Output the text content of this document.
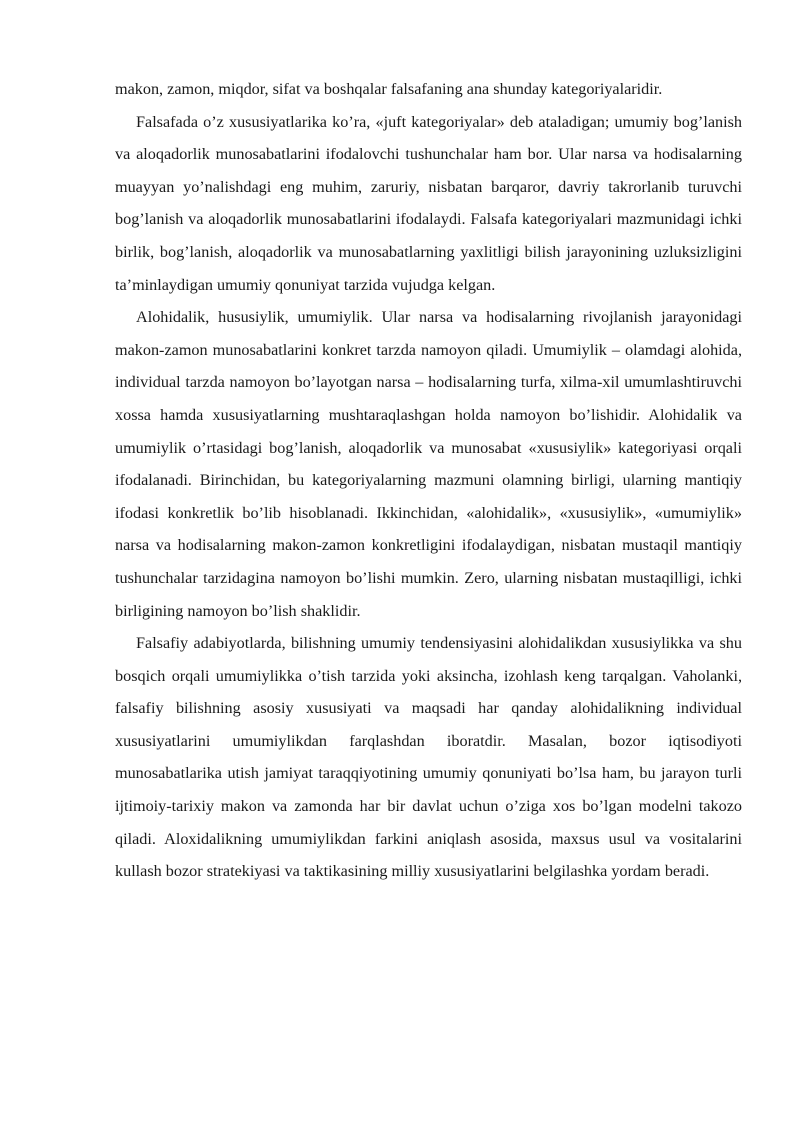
makon, zamon, miqdor, sifat va boshqalar falsafaning ana shunday kategoriyalaridir.

Falsafada o’z xususiyatlarika ko’ra, «juft kategoriyalar» deb ataladigan; umumiy bog’lanish va aloqadorlik munosabatlarini ifodalovchi tushunchalar ham bor. Ular narsa va hodisalarning muayyan yo’nalishdagi eng muhim, zaruriy, nisbatan barqaror, davriy takrorlanib turuvchi bog’lanish va aloqadorlik munosabatlarini ifodalaydi. Falsafa kategoriyalari mazmunidagi ichki birlik, bog’lanish, aloqadorlik va munosabatlarning yaxlitligi bilish jarayonining uzluksizligini ta’minlaydigan umumiy qonuniyat tarzida vujudga kelgan.

Alohidalik, hususiylik, umumiylik. Ular narsa va hodisalarning rivojlanish jarayonidagi makon-zamon munosabatlarini konkret tarzda namoyon qiladi. Umumiylik – olamdagi alohida, individual tarzda namoyon bo’layotgan narsa – hodisalarning turfa, xilma-xil umumlashtiruvchi xossa hamda xususiyatlarning mushtaraqlashgan holda namoyon bo’lishidir. Alohidalik va umumiylik o’rtasidagi bog’lanish, aloqadorlik va munosabat «xususiylik» kategoriyasi orqali ifodalanadi. Birinchidan, bu kategoriyalarning mazmuni olamning birligi, ularning mantiqiy ifodasi konkretlik bo’lib hisoblanadi. Ikkinchidan, «alohidalik», «xususiylik», «umumiylik» narsa va hodisalarning makon-zamon konkretligini ifodalaydigan, nisbatan mustaqil mantiqiy tushunchalar tarzidagina namoyon bo’lishi mumkin. Zero, ularning nisbatan mustaqilligi, ichki birligining namoyon bo’lish shaklidir.

Falsafiy adabiyotlarda, bilishning umumiy tendensiyasini alohidalikdan xususiylikka va shu bosqich orqali umumiylikka o’tish tarzida yoki aksincha, izohlash keng tarqalgan. Vaholanki, falsafiy bilishning asosiy xususiyati va maqsadi har qanday alohidalikning individual xususiyatlarini umumiylikdan farqlashdan iboratdir. Masalan, bozor iqtisodiyoti munosabatlarika utish jamiyat taraqqiyotining umumiy qonuniyati bo’lsa ham, bu jarayon turli ijtimoiy-tarixiy makon va zamonda har bir davlat uchun o’ziga xos bo’lgan modelni takozo qiladi. Aloxidalikning umumiylikdan farkini aniqlash asosida, maxsus usul va vositalarini kullash bozor stratekiyasi va taktikasining milliy xususiyatlarini belgilashka yordam beradi.
